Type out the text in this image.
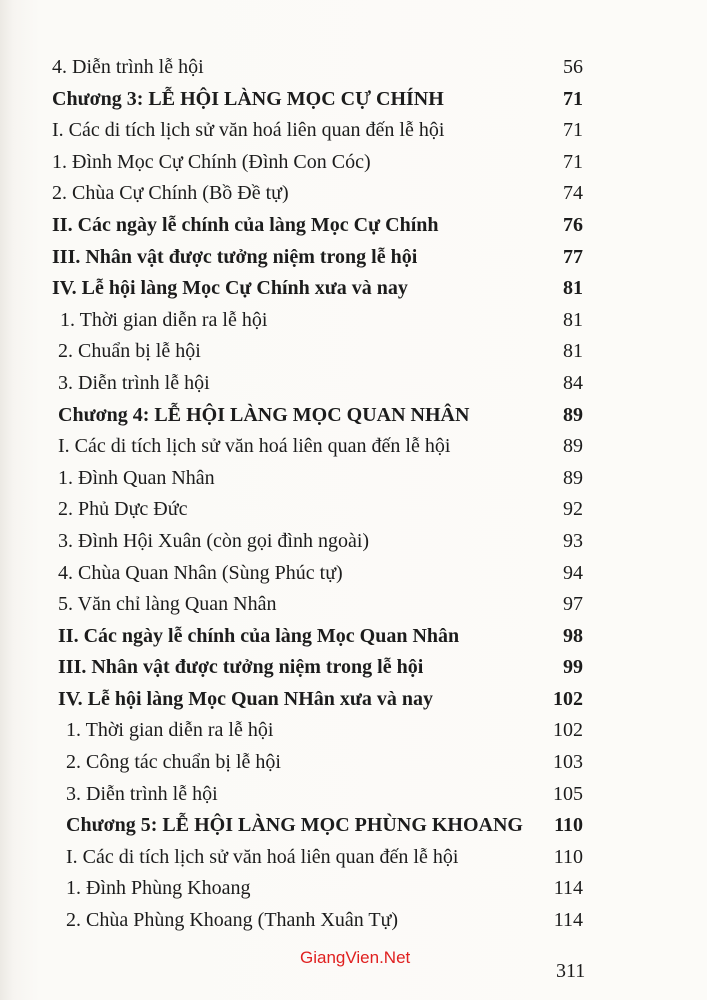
4. Diễn trình lễ hội	56
Chương 3: LỄ HỘI LÀNG MỌC CỰ CHÍNH	71
I. Các di tích lịch sử văn hoá liên quan đến lễ hội	71
1. Đình Mọc Cự Chính (Đình Con Cóc)	71
2. Chùa Cự Chính (Bồ Đề tự)	74
II. Các ngày lễ chính của làng Mọc Cự Chính	76
III. Nhân vật được tưởng niệm trong lễ hội	77
IV. Lễ hội làng Mọc Cự Chính xưa và nay	81
1. Thời gian diễn ra lễ hội	81
2. Chuẩn bị lễ hội	81
3. Diễn trình lễ hội	84
Chương 4: LỄ HỘI LÀNG MỌC QUAN NHÂN	89
I. Các di tích lịch sử văn hoá liên quan đến lễ hội	89
1. Đình Quan Nhân	89
2. Phủ Dực Đức	92
3. Đình Hội Xuân (còn gọi đình ngoài)	93
4. Chùa Quan Nhân (Sùng Phúc tự)	94
5. Văn chỉ làng Quan Nhân	97
II. Các ngày lễ chính của làng Mọc Quan Nhân	98
III. Nhân vật được tưởng niệm trong lễ hội	99
IV. Lễ hội làng Mọc Quan NHân xưa và nay	102
1. Thời gian diễn ra lễ hội	102
2. Công tác chuẩn bị lễ hội	103
3. Diễn trình lễ hội	105
Chương 5: LỄ HỘI LÀNG MỌC PHÙNG KHOANG 110
I. Các di tích lịch sử văn hoá liên quan đến lễ hội	110
1. Đình Phùng Khoang	114
2. Chùa Phùng Khoang (Thanh Xuân Tự)	114
GiangVien.Net
311
